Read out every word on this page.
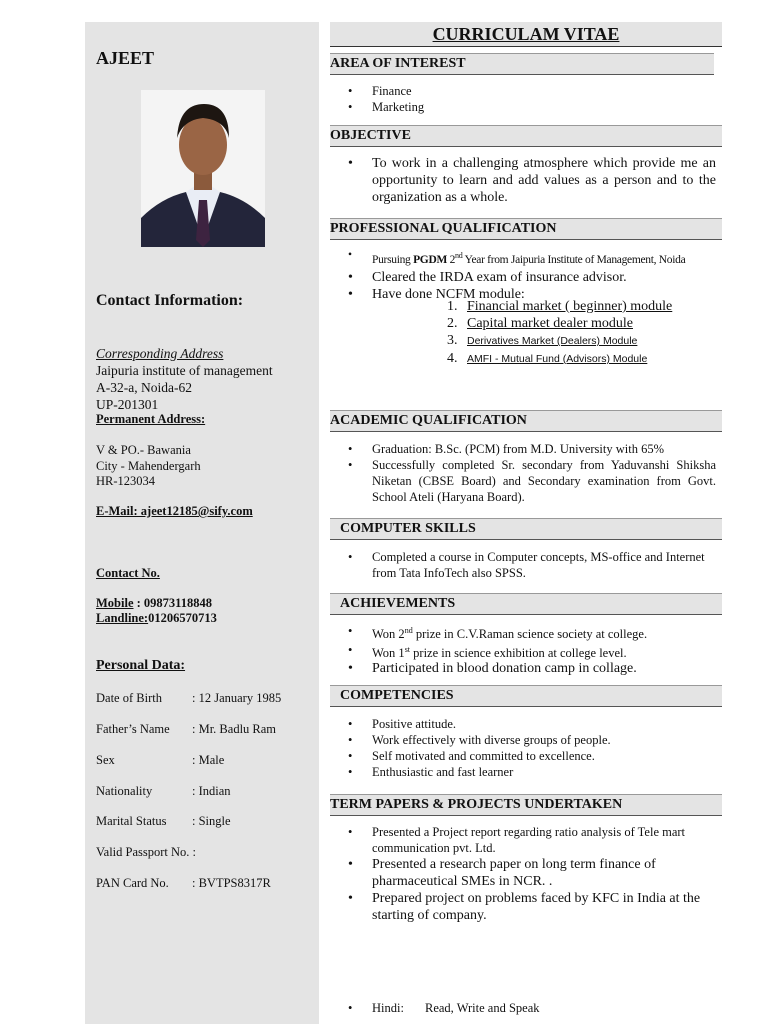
AJEET
Contact Information:
Corresponding Address
Jaipuria institute of management
A-32-a, Noida-62
UP-201301
Permanent Address:
V & PO.- Bawania
City - Mahendergarh
HR-123034
E-Mail: ajeet12185@sify.com
Contact No.
Mobile : 09873118848
Landline:01206570713
Personal Data:
Date of Birth : 12 January 1985
Father’s Name : Mr. Badlu Ram
Sex	: Male
Nationality	: Indian
Marital Status : Single
Valid Passport No. :
PAN Card No. : BVTPS8317R
CURRICULAM VITAE
AREA OF INTEREST
• Finance
• Marketing
OBJECTIVE
• To work in a challenging atmosphere which provide me an opportunity to learn and add values as a person and to the organization as a whole.
PROFESSIONAL QUALIFICATION
• Pursuing PGDM 2nd Year from Jaipuria Institute of Management, Noida
• Cleared the IRDA exam of insurance advisor.
• Have done NCFM module:
1. Financial market ( beginner) module
2. Capital market dealer module
3. Derivatives Market (Dealers) Module
4. AMFI - Mutual Fund (Advisors) Module
ACADEMIC QUALIFICATION
• Graduation: B.Sc. (PCM) from M.D. University with 65%
• Successfully completed Sr. secondary from Yaduvanshi Shiksha Niketan (CBSE Board) and Secondary examination from Govt. School Ateli (Haryana Board).
COMPUTER SKILLS
• Completed a course in Computer concepts, MS-office and Internet from Tata InfoTech also SPSS.
ACHIEVEMENTS
• Won 2nd prize in C.V.Raman science society at college.
• Won 1st prize in science exhibition at college level.
• Participated in blood donation camp in collage.
COMPETENCIES
• Positive attitude.
• Work effectively with diverse groups of people.
• Self motivated and committed to excellence.
• Enthusiastic and fast learner
TERM PAPERS & PROJECTS UNDERTAKEN
• Presented a Project report regarding ratio analysis of Tele mart communication pvt. Ltd.
• Presented a research paper on long term finance of pharmaceutical SMEs in NCR. .
• Prepared project on problems faced by KFC in India at the starting of company.
• Hindi: Read, Write and Speak
